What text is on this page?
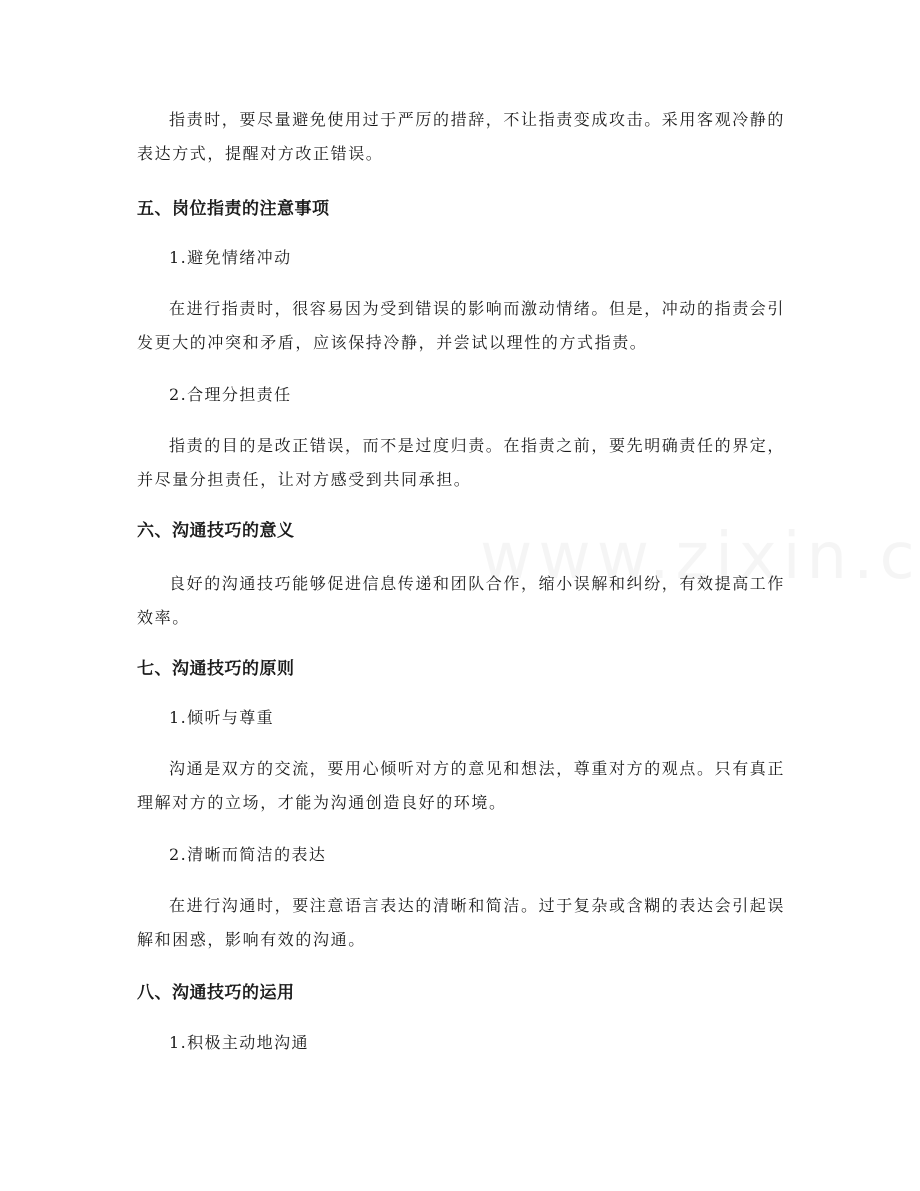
指责时，要尽量避免使用过于严厉的措辞，不让指责变成攻击。采用客观冷静的表达方式，提醒对方改正错误。

五、岗位指责的注意事项

1.避免情绪冲动

在进行指责时，很容易因为受到错误的影响而激动情绪。但是，冲动的指责会引发更大的冲突和矛盾，应该保持冷静，并尝试以理性的方式指责。

2.合理分担责任

指责的目的是改正错误，而不是过度归责。在指责之前，要先明确责任的界定，并尽量分担责任，让对方感受到共同承担。

六、沟通技巧的意义

良好的沟通技巧能够促进信息传递和团队合作，缩小误解和纠纷，有效提高工作效率。

七、沟通技巧的原则

1.倾听与尊重

沟通是双方的交流，要用心倾听对方的意见和想法，尊重对方的观点。只有真正理解对方的立场，才能为沟通创造良好的环境。

2.清晰而简洁的表达

在进行沟通时，要注意语言表达的清晰和简洁。过于复杂或含糊的表达会引起误解和困惑，影响有效的沟通。

八、沟通技巧的运用

1.积极主动地沟通
